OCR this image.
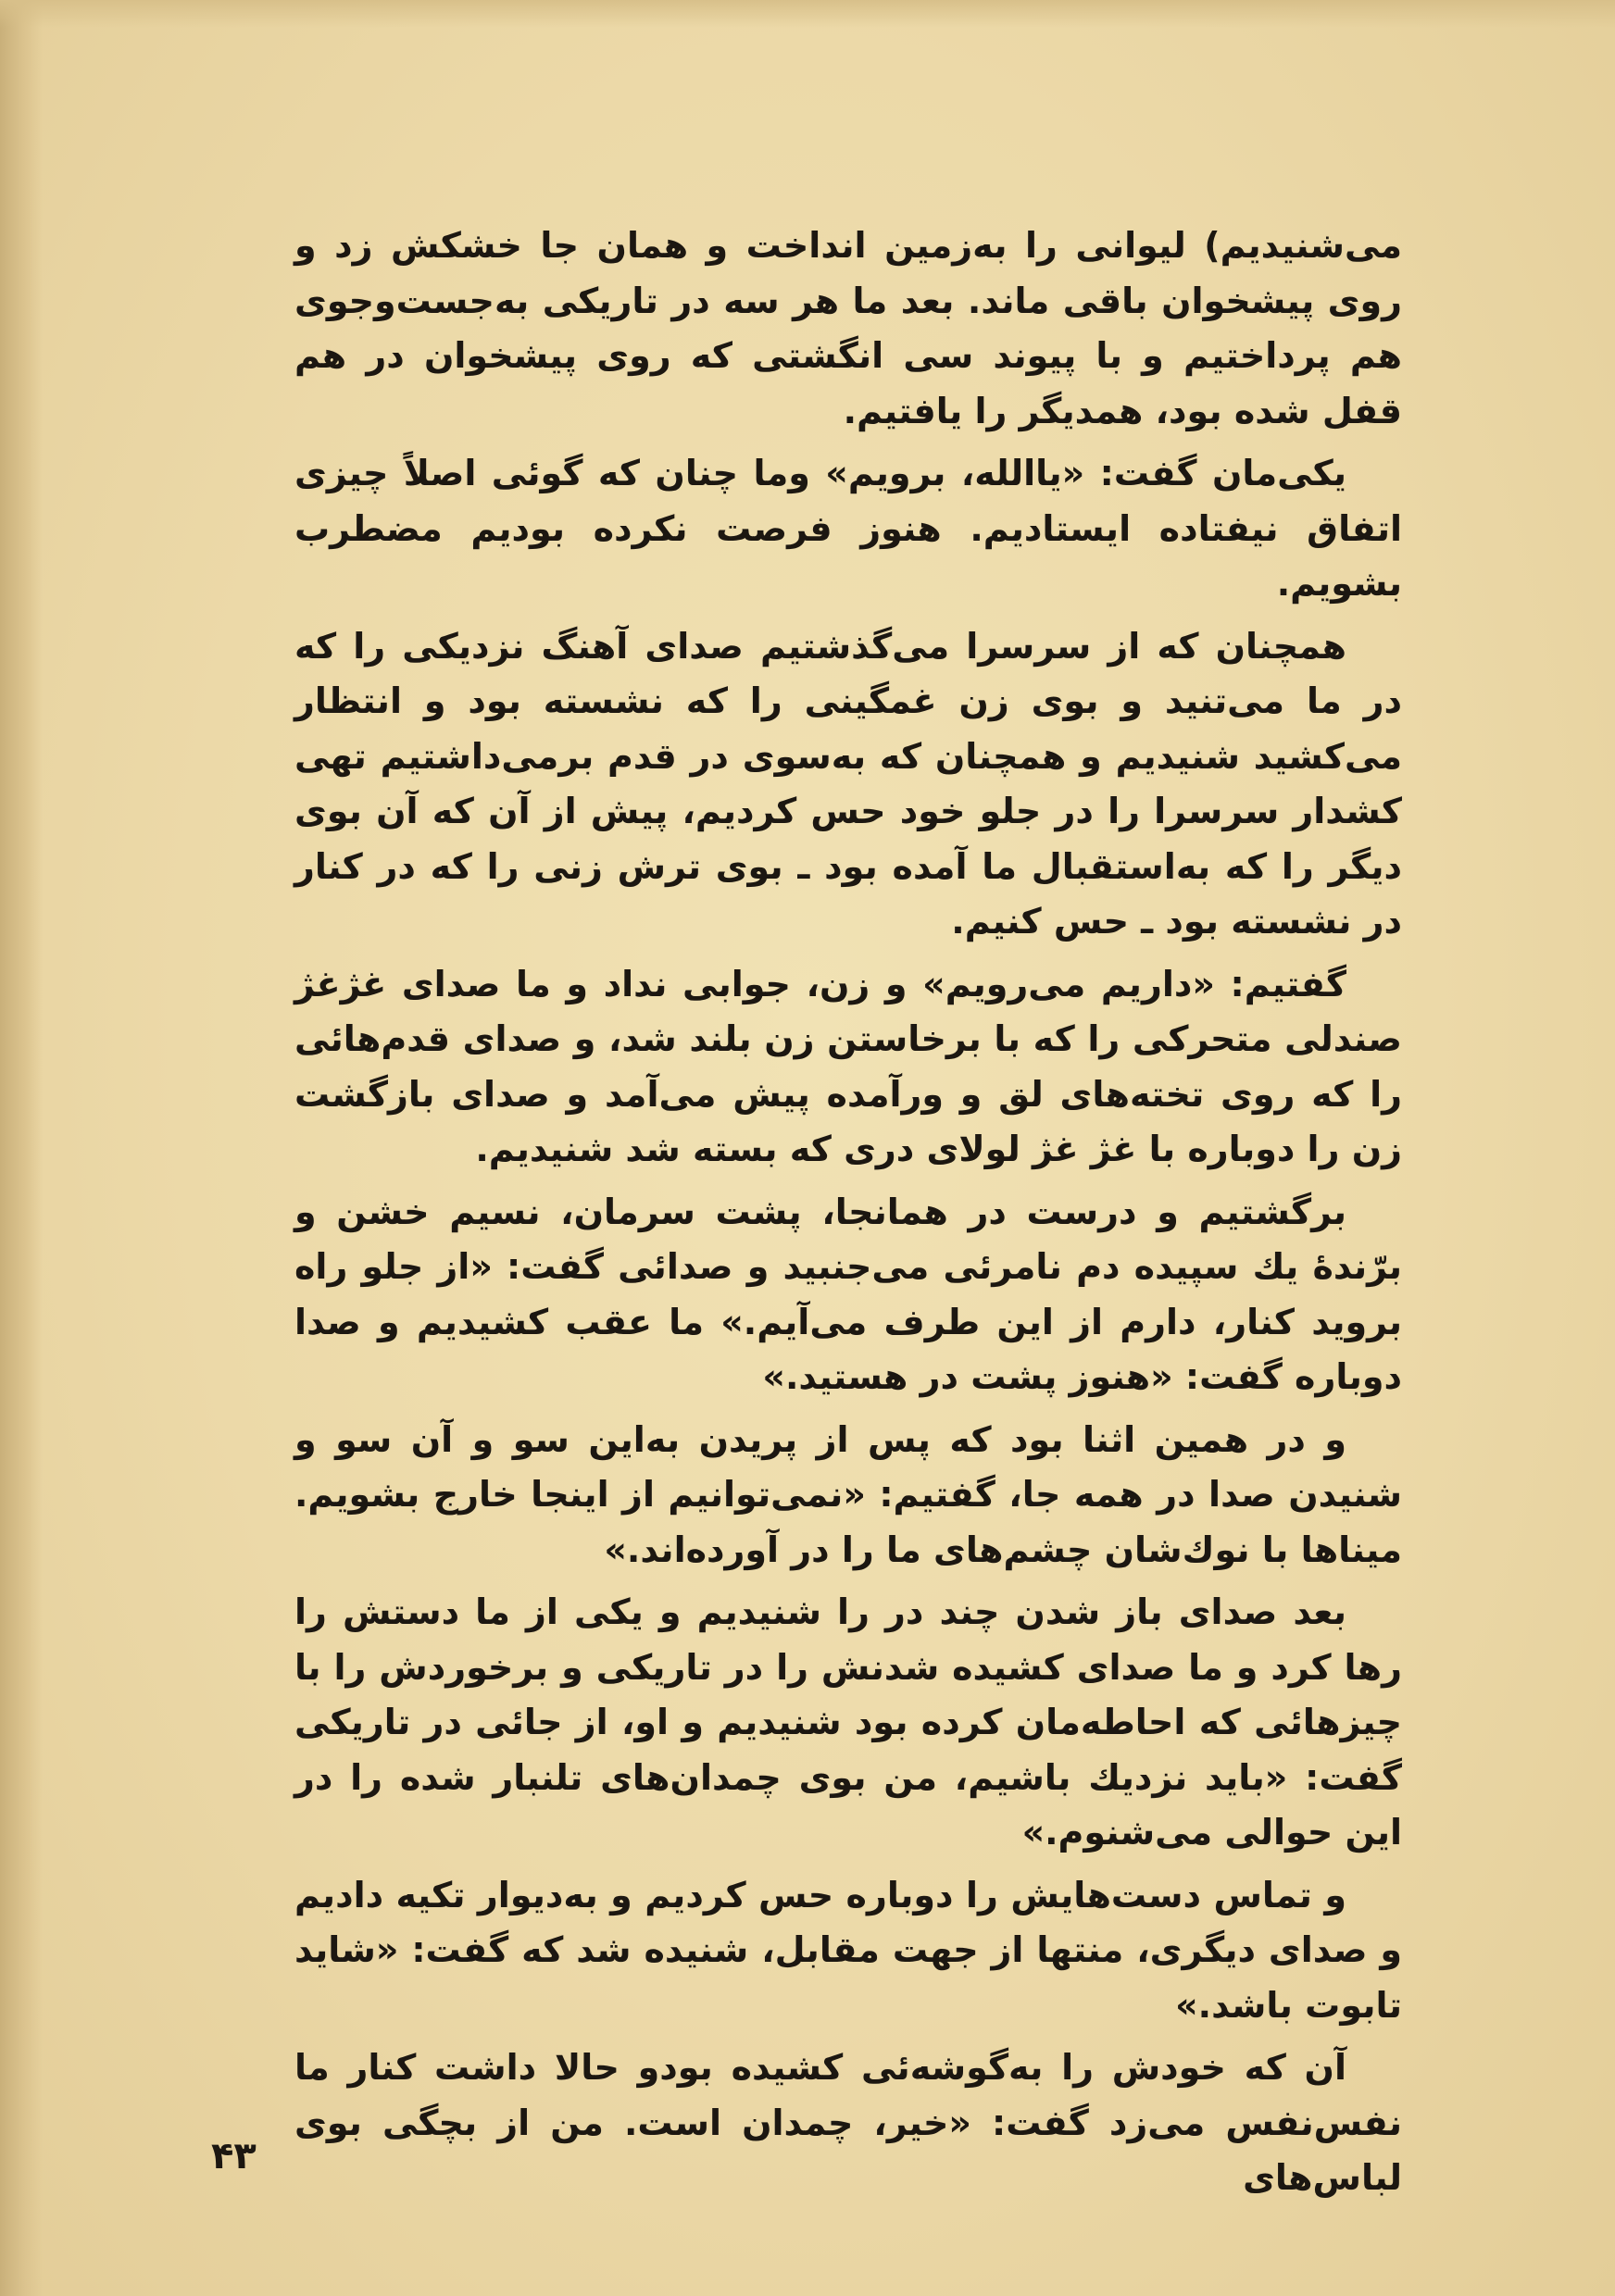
می‌شنیدیم) لیوانی را به‌زمین انداخت و همان جا خشکش زد و روی پیشخوان باقی ماند. بعد ما هر سه در تاریکی به‌جست‌وجوی هم پرداختیم و با پیوند سی انگشتی که روی پیشخوان در هم قفل شده بود، همدیگر را یافتیم.

یکی‌مان گفت: «یاالله، برویم» وما چنان که گوئی اصلاً چیزی اتفاق نیفتاده ایستادیم. هنوز فرصت نکرده بودیم مضطرب بشویم.

همچنان که از سرسرا می‌گذشتیم صدای آهنگ نزدیکی را که در ما می‌تنید و بوی زن غمگینی را که نشسته بود و انتظار می‌کشید شنیدیم و همچنان که به‌سوی در قدم برمی‌داشتیم تهی کشدار سرسرا را در جلو خود حس کردیم، پیش از آن که آن بوی دیگر را که به‌استقبال ما آمده بود ـ بوی ترش زنی را که در کنار در نشسته بود ـ حس کنیم.

گفتیم: «داریم می‌رویم» و زن، جوابی نداد و ما صدای غژغژ صندلی متحرکی را که با برخاستن زن بلند شد، و صدای قدم‌هائی را که روی تخته‌های لق و ورآمده پیش می‌آمد و صدای بازگشت زن را دوباره با غژ غژ لولای دری که بسته شد شنیدیم.

برگشتیم و درست در همانجا، پشت سرمان، نسیم خشن و برّندهٔ یك سپیده دم نامرئی می‌جنبید و صدائی گفت: «از جلو راه بروید کنار، دارم از این طرف می‌آیم.» ما عقب کشیدیم و صدا دوباره گفت: «هنوز پشت در هستید.»

و در همین اثنا بود که پس از پریدن به‌این سو و آن سو و شنیدن صدا در همه جا، گفتیم: «نمی‌توانیم از اینجا خارج بشویم. میناها با نوك‌شان چشم‌های ما را در آورده‌اند.»

بعد صدای باز شدن چند در را شنیدیم و یکی از ما دستش را رها کرد و ما صدای کشیده شدنش را در تاریکی و برخوردش را با چیزهائی که احاطه‌مان کرده بود شنیدیم و او، از جائی در تاریکی گفت: «باید نزدیك باشیم، من بوی چمدان‌های تلنبار شده را در این حوالی می‌شنوم.»

و تماس دست‌هایش را دوباره حس کردیم و به‌دیوار تکیه دادیم و صدای دیگری، منتها از جهت مقابل، شنیده شد که گفت: «شاید تابوت باشد.»

آن که خودش را به‌گوشه‌ئی کشیده بودو حالا داشت کنار ما نفس‌نفس می‌زد گفت: «خیر، چمدان است. من از بچگی بوی لباس‌های

۴۳
